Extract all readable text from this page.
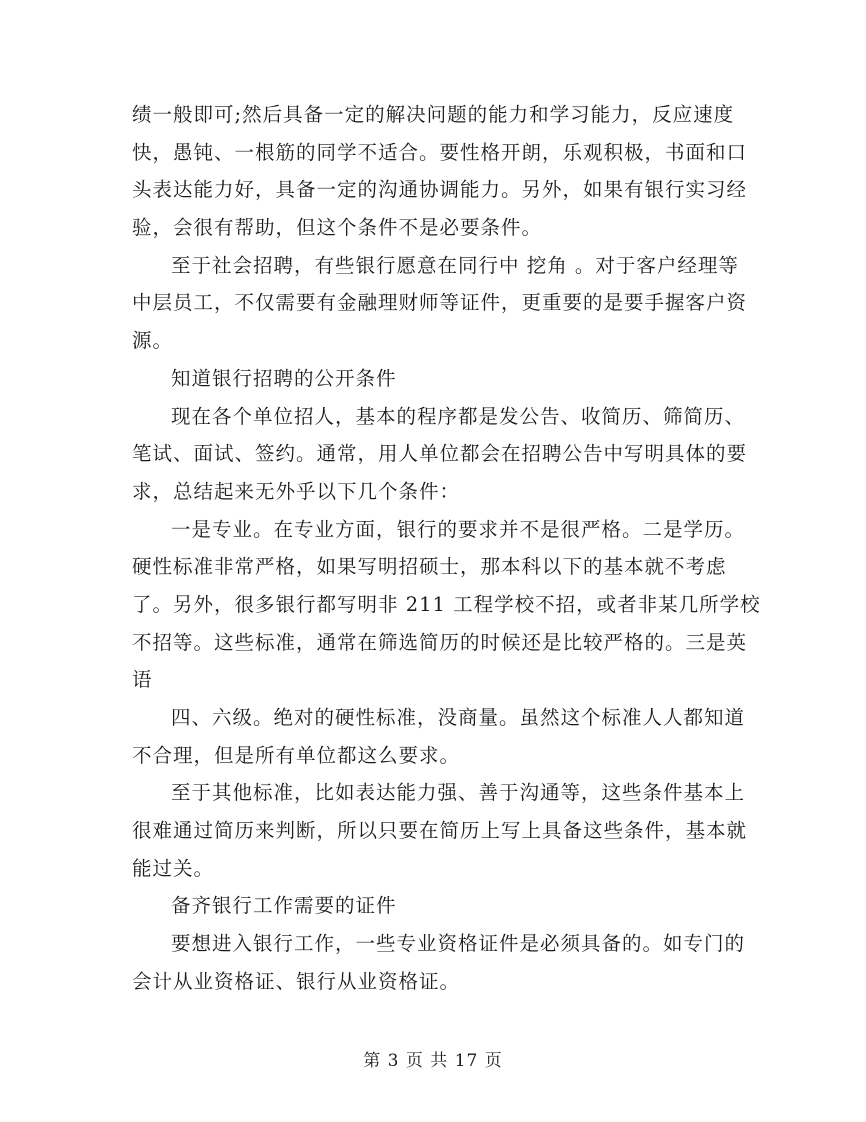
绩一般即可;然后具备一定的解决问题的能力和学习能力，反应速度
快，愚钝、一根筋的同学不适合。要性格开朗，乐观积极，书面和口
头表达能力好，具备一定的沟通协调能力。另外，如果有银行实习经
验，会很有帮助，但这个条件不是必要条件。
至于社会招聘，有些银行愿意在同行中 挖角 。对于客户经理等
中层员工，不仅需要有金融理财师等证件，更重要的是要手握客户资
源。
知道银行招聘的公开条件
现在各个单位招人，基本的程序都是发公告、收简历、筛简历、
笔试、面试、签约。通常，用人单位都会在招聘公告中写明具体的要
求，总结起来无外乎以下几个条件：
一是专业。在专业方面，银行的要求并不是很严格。二是学历。
硬性标准非常严格，如果写明招硕士，那本科以下的基本就不考虑
了。另外，很多银行都写明非 211 工程学校不招，或者非某几所学校
不招等。这些标准，通常在筛选简历的时候还是比较严格的。三是英
语
四、六级。绝对的硬性标准，没商量。虽然这个标准人人都知道
不合理，但是所有单位都这么要求。
至于其他标准，比如表达能力强、善于沟通等，这些条件基本上
很难通过简历来判断，所以只要在简历上写上具备这些条件，基本就
能过关。
备齐银行工作需要的证件
要想进入银行工作，一些专业资格证件是必须具备的。如专门的
会计从业资格证、银行从业资格证。
第 3 页 共 17 页
